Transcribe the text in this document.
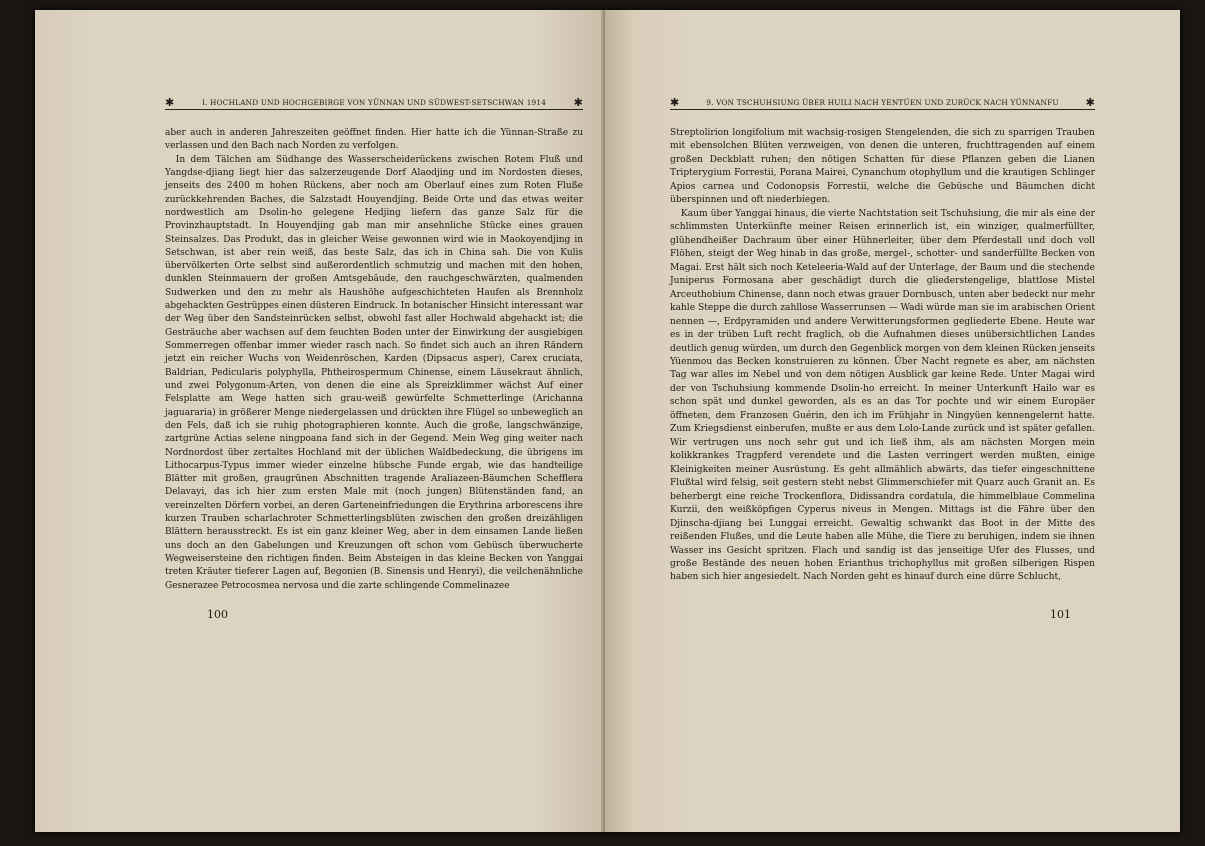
✱	I. HOCHLAND UND HOCHGEBIRGE VON YÜNNAN UND SÜDWEST-SETSCHWAN 1914	✱

aber auch in anderen Jahreszeiten geöffnet finden. Hier hatte ich die Yünnan-Straße zu verlassen und den Bach nach Norden zu verfolgen.

In dem Tälchen am Südhange des Wasserscheiderückens zwischen Rotem Fluß und Yangdse-djiang liegt hier das salzerzeugende Dorf Alaodjing und im Nordosten dieses, jenseits des 2400 m hohen Rückens, aber noch am Oberlauf eines zum Roten Fluße zurückkehrenden Baches, die Salzstadt Houyendjing. Beide Orte und das etwas weiter nordwestlich am Dsolin-ho gelegene Hedjing liefern das ganze Salz für die Provinzhauptstadt. In Houyendjing gab man mir ansehnliche Stücke eines grauen Steinsalzes. Das Produkt, das in gleicher Weise gewonnen wird wie in Maokoyendjing in Setschwan, ist aber rein weiß, das beste Salz, das ich in China sah. Die von Kulis übervölkerten Orte selbst sind außerordentlich schmutzig und machen mit den hohen, dunklen Steinmauern der großen Amtsgebäude, den rauchgeschwärzten, qualmenden Sudwerken und den zu mehr als Haushöhe aufgeschichteten Haufen als Brennholz abgehackten Gestrüppes einen düsteren Eindruck. In botanischer Hinsicht interessant war der Weg über den Sandsteinrücken selbst, obwohl fast aller Hochwald abgehackt ist; die Gesträuche aber wachsen auf dem feuchten Boden unter der Einwirkung der ausgiebigen Sommerregen offenbar immer wieder rasch nach. So findet sich auch an ihren Rändern jetzt ein reicher Wuchs von Weidenröschen, Karden (Dipsacus asper), Carex cruciata, Baldrian, Pedicularis polyphylla, Phtheirospermum Chinense, einem Läusekraut ähnlich, und zwei Polygonum-Arten, von denen die eine als Spreizklimmer wächst Auf einer Felsplatte am Wege hatten sich grau-weiß gewürfelte Schmetterlinge (Arichanna jaguararia) in größerer Menge niedergelassen und drückten ihre Flügel so unbeweglich an den Fels, daß ich sie ruhig photographieren konnte. Auch die große, langschwänzige, zartgrüne Actias selene ningpoana fand sich in der Gegend. Mein Weg ging weiter nach Nordnordost über zertaltes Hochland mit der üblichen Waldbedeckung, die übrigens im Lithocarpus-Typus immer wieder einzelne hübsche Funde ergab, wie das handteilige Blätter mit großen, graugrünen Abschnitten tragende Araliazeen-Bäumchen Schefflera Delavayi, das ich hier zum ersten Male mit (noch jungen) Blütenständen fand, an vereinzelten Dörfern vorbei, an deren Garteneinfriedungen die Erythrina arborescens ihre kurzen Trauben scharlachroter Schmetterlingsblüten zwischen den großen dreizähligen Blättern herausstreckt. Es ist ein ganz kleiner Weg, aber in dem einsamen Lande ließen uns doch an den Gabelungen und Kreuzungen oft schon vom Gebüsch überwucherte Wegweisersteine den richtigen finden. Beim Absteigen in das kleine Becken von Yanggai treten Kräuter tieferer Lagen auf, Begonien (B. Sinensis und Henryi), die veilchenähnliche Gesnerazee Petrocosmea nervosa und die zarte schlingende Commelinazee

100
✱	9. VON TSCHUHSIUNG ÜBER HUILI NACH YENTÜEN UND ZURÜCK NACH YÜNNANFU ✱

Streptolirion longifolium mit wachsig-rosigen Stengelenden, die sich zu sparrigen Trauben mit ebensolchen Blüten verzweigen, von denen die unteren, fruchttragenden auf einem großen Deckblatt ruhen; den nötigen Schatten für diese Pflanzen geben die Lianen Tripterygium Forrestii, Porana Mairei, Cynanchum otophyllum und die krautigen Schlinger Apios carnea und Codonopsis Forrestii, welche die Gebüsche und Bäumchen dicht überspinnen und oft niederbiegen.

Kaum über Yanggai hinaus, die vierte Nachtstation seit Tschuhsiung, die mir als eine der schlimmsten Unterkünfte meiner Reisen erinnerlich ist, ein winziger, qualmerfüllter, glühendheißer Dachraum über einer Hühnerleiter, über dem Pferdestall und doch voll Flöhen, steigt der Weg hinab in das große, mergel-, schotter- und sanderfüllte Becken von Magai. Erst hält sich noch Keteleeria-Wald auf der Unterlage, der Baum und die stechende Juniperus Formosana aber geschädigt durch die gliederstengelige, blattlose Mistel Arceuthobium Chinense, dann noch etwas grauer Dornbusch, unten aber bedeckt nur mehr kahle Steppe die durch zahllose Wasserrunsen — Wadi würde man sie im arabischen Orient nennen —, Erdpyramiden und andere Verwitterungsformen gegliederte Ebene. Heute war es in der trüben Luft recht fraglich, ob die Aufnahmen dieses unübersichtlichen Landes deutlich genug würden, um durch den Gegenblick morgen von dem kleinen Rücken jenseits Yüenmou das Becken konstruieren zu können. Über Nacht regnete es aber, am nächsten Tag war alles im Nebel und von dem nötigen Ausblick gar keine Rede. Unter Magai wird der von Tschuhsiung kommende Dsolin-ho erreicht. In meiner Unterkunft Hailo war es schon spät und dunkel geworden, als es an das Tor pochte und wir einem Europäer öffneten, dem Franzosen Guérin, den ich im Frühjahr in Ningyüen kennengelernt hatte. Zum Kriegsdienst einberufen, mußte er aus dem Lolo-Lande zurück und ist später gefallen. Wir vertrugen uns noch sehr gut und ich ließ ihm, als am nächsten Morgen mein kolikkrankes Tragpferd verendete und die Lasten verringert werden mußten, einige Kleinigkeiten meiner Ausrüstung. Es geht allmählich abwärts, das tiefer eingeschnittene Flußtal wird felsig, seit gestern steht nebst Glimmerschiefer mit Quarz auch Granit an. Es beherbergt eine reiche Trockenflora, Didissandra cordatula, die himmelblaue Commelina Kurzii, den weißköpfigen Cyperus niveus in Mengen. Mittags ist die Fähre über den Djinscha-djiang bei Lunggai erreicht. Gewaltig schwankt das Boot in der Mitte des reißenden Flußes, und die Leute haben alle Mühe, die Tiere zu beruhigen, indem sie ihnen Wasser ins Gesicht spritzen. Flach und sandig ist das jenseitige Ufer des Flusses, und große Bestände des neuen hohen Erianthus trichophyllus mit großen silberigen Rispen haben sich hier angesiedelt. Nach Norden geht es hinauf durch eine dürre Schlucht,

101
